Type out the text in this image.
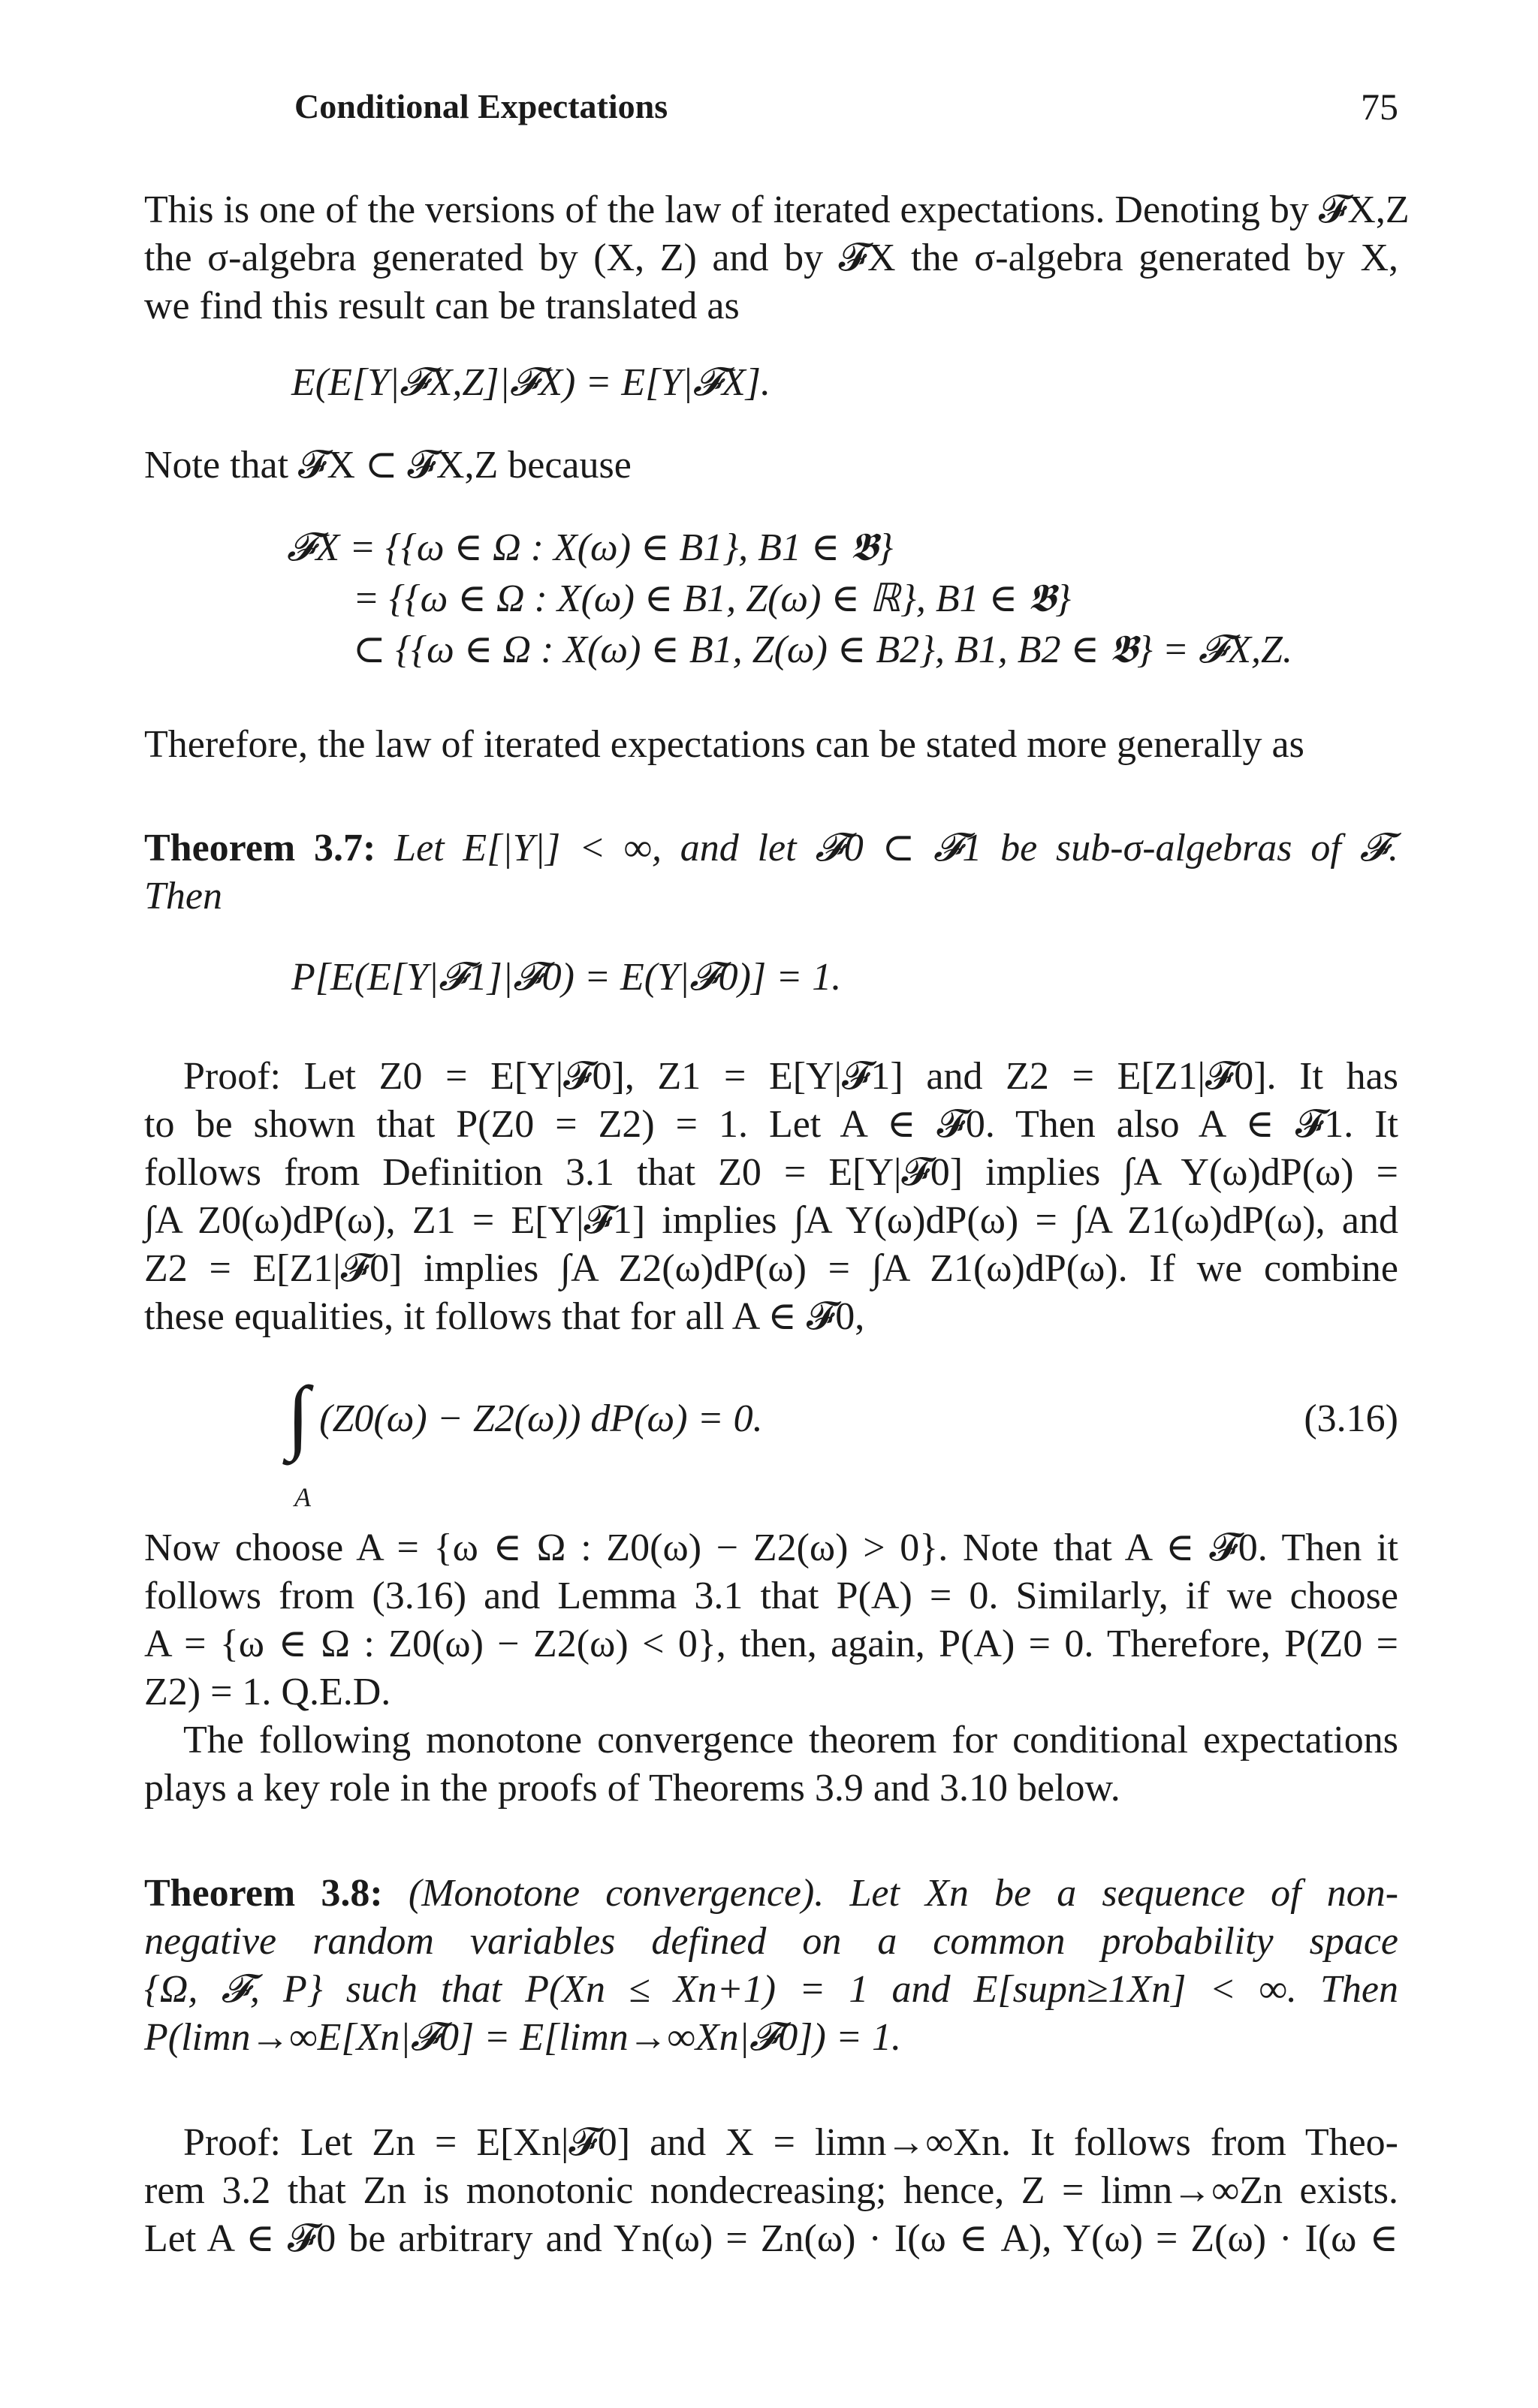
Conditional Expectations	75
This is one of the versions of the law of iterated expectations. Denoting by 𝓕X,Z
the σ-algebra generated by (X, Z) and by 𝓕X the σ-algebra generated by X,
we find this result can be translated as
E(E[Y|𝓕X,Z]|𝓕X) = E[Y|𝓕X].
Note that 𝓕X ⊂ 𝓕X,Z because
𝓕X = {{ω ∈ Ω : X(ω) ∈ B1}, B1 ∈ 𝕭}
= {{ω ∈ Ω : X(ω) ∈ B1, Z(ω) ∈ ℝ}, B1 ∈ 𝕭}
⊂ {{ω ∈ Ω : X(ω) ∈ B1, Z(ω) ∈ B2}, B1, B2 ∈ 𝕭} = 𝓕X,Z.
Therefore, the law of iterated expectations can be stated more generally as
Theorem 3.7: Let E[|Y|] < ∞, and let 𝓕0 ⊂ 𝓕1 be sub-σ-algebras of 𝓕.
Then
P[E(E[Y|𝓕1]|𝓕0) = E(Y|𝓕0)] = 1.
Proof: Let Z0 = E[Y|𝓕0], Z1 = E[Y|𝓕1] and Z2 = E[Z1|𝓕0]. It has
to be shown that P(Z0 = Z2) = 1. Let A ∈ 𝓕0. Then also A ∈ 𝓕1. It
follows from Definition 3.1 that Z0 = E[Y|𝓕0] implies ∫A Y(ω)dP(ω) =
∫A Z0(ω)dP(ω), Z1 = E[Y|𝓕1] implies ∫A Y(ω)dP(ω) = ∫A Z1(ω)dP(ω), and
Z2 = E[Z1|𝓕0] implies ∫A Z2(ω)dP(ω) = ∫A Z1(ω)dP(ω). If we combine
these equalities, it follows that for all A ∈ 𝓕0,
∫ (Z0(ω) − Z2(ω)) dP(ω) = 0.
A
(3.16)
Now choose A = {ω ∈ Ω : Z0(ω) − Z2(ω) > 0}. Note that A ∈ 𝓕0. Then it
follows from (3.16) and Lemma 3.1 that P(A) = 0. Similarly, if we choose
A = {ω ∈ Ω : Z0(ω) − Z2(ω) < 0}, then, again, P(A) = 0. Therefore, P(Z0 =
Z2) = 1. Q.E.D.
The following monotone convergence theorem for conditional expectations
plays a key role in the proofs of Theorems 3.9 and 3.10 below.
Theorem 3.8: (Monotone convergence). Let Xn be a sequence of non-
negative random variables defined on a common probability space
{Ω, 𝓕, P} such that P(Xn ≤ Xn+1) = 1 and E[supn≥1Xn] < ∞. Then
P(limn→∞E[Xn|𝓕0] = E[limn→∞Xn|𝓕0]) = 1.
Proof: Let Zn = E[Xn|𝓕0] and X = limn→∞Xn. It follows from Theo-
rem 3.2 that Zn is monotonic nondecreasing; hence, Z = limn→∞Zn exists.
Let A ∈ 𝓕0 be arbitrary and Yn(ω) = Zn(ω) · I(ω ∈ A), Y(ω) = Z(ω) · I(ω ∈
